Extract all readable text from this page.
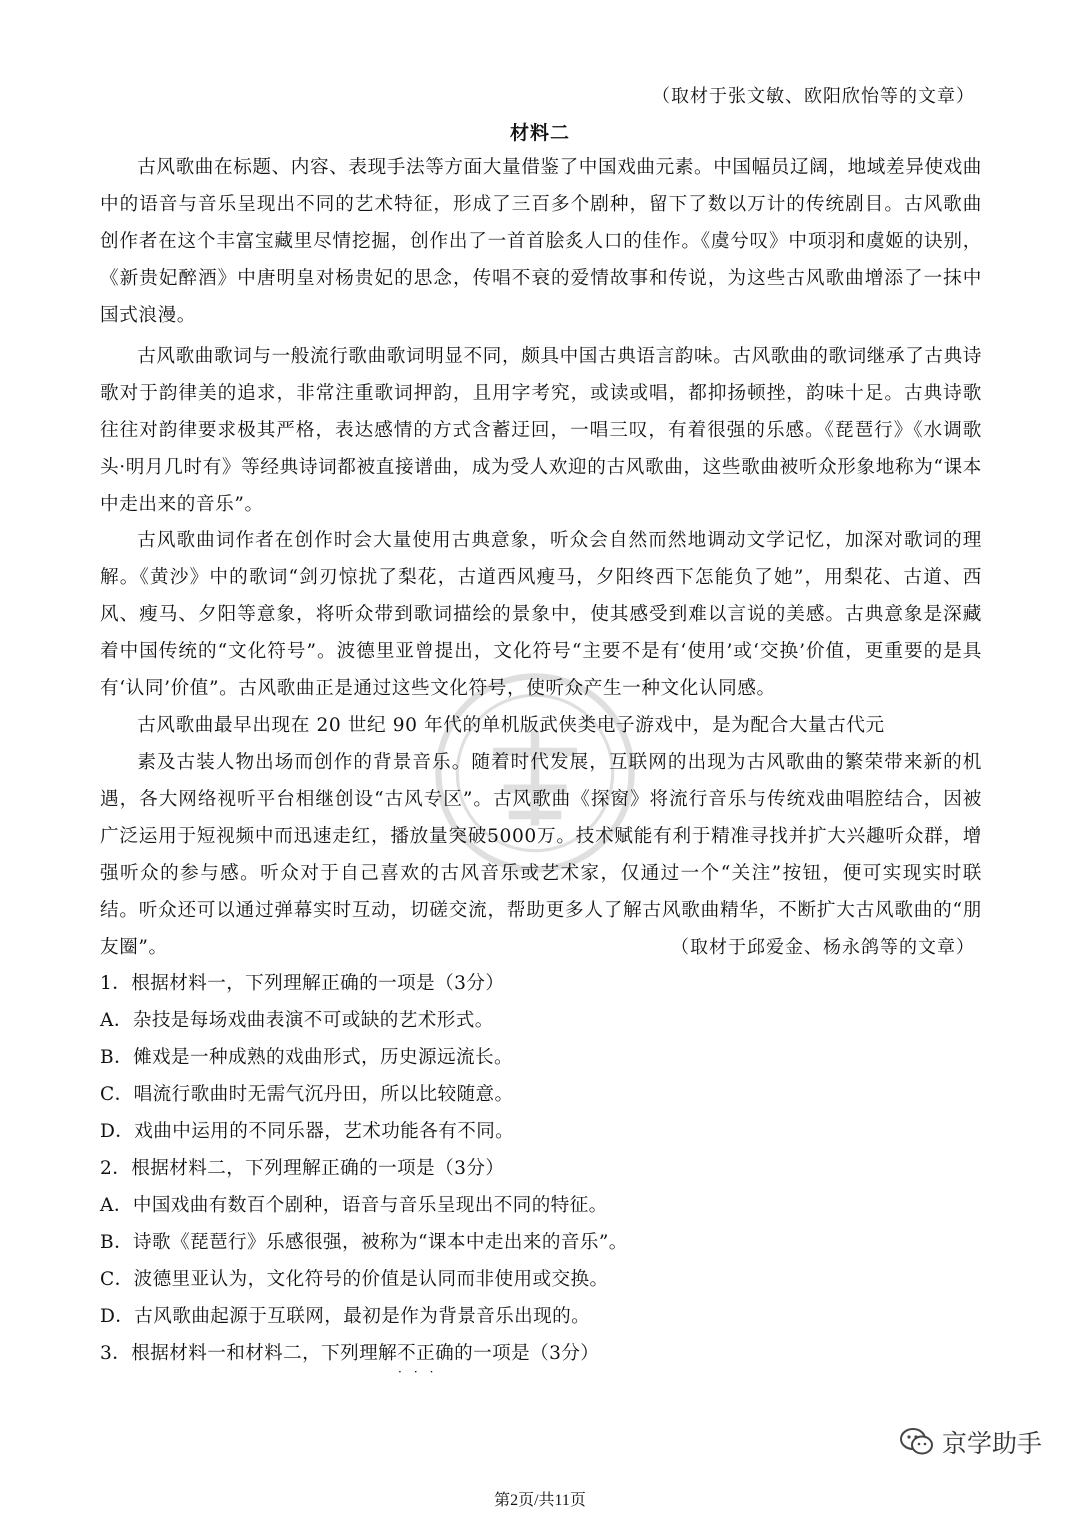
（取材于张文敏、欧阳欣怡等的文章）
材料二

古风歌曲在标题、内容、表现手法等方面大量借鉴了中国戏曲元素。中国幅员辽阔，地域差异使戏曲中的语音与音乐呈现出不同的艺术特征，形成了三百多个剧种，留下了数以万计的传统剧目。古风歌曲创作者在这个丰富宝藏里尽情挖掘，创作出了一首首脍炙人口的佳作。《虞兮叹》中项羽和虞姬的诀别，《新贵妃醉酒》中唐明皇对杨贵妃的思念，传唱不衰的爱情故事和传说，为这些古风歌曲增添了一抹中国式浪漫。

古风歌曲歌词与一般流行歌曲歌词明显不同，颇具中国古典语言韵味。古风歌曲的歌词继承了古典诗歌对于韵律美的追求，非常注重歌词押韵，且用字考究，或读或唱，都抑扬顿挫，韵味十足。古典诗歌往往对韵律要求极其严格，表达感情的方式含蓄迂回，一唱三叹，有着很强的乐感。《琵琶行》《水调歌头·明月几时有》等经典诗词都被直接谱曲，成为受人欢迎的古风歌曲，这些歌曲被听众形象地称为“课本中走出来的音乐”。

古风歌曲词作者在创作时会大量使用古典意象，听众会自然而然地调动文学记忆，加深对歌词的理解。《黄沙》中的歌词“剑刃惊扰了梨花，古道西风瘦马，夕阳终西下怎能负了她”，用梨花、古道、西风、瘦马、夕阳等意象，将听众带到歌词描绘的景象中，使其感受到难以言说的美感。古典意象是深藏着中国传统的“文化符号”。波德里亚曾提出，文化符号“主要不是有‘使用’或‘交换’价值，更重要的是具有‘认同’价值”。古风歌曲正是通过这些文化符号，使听众产生一种文化认同感。

古风歌曲最早出现在 20 世纪 90 年代的单机版武侠类电子游戏中，是为配合大量古代元

素及古装人物出场而创作的背景音乐。随着时代发展，互联网的出现为古风歌曲的繁荣带来新的机遇，各大网络视听平台相继创设“古风专区”。古风歌曲《探窗》将流行音乐与传统戏曲唱腔结合，因被广泛运用于短视频中而迅速走红，播放量突破5000万。技术赋能有利于精准寻找并扩大兴趣听众群，增强听众的参与感。听众对于自己喜欢的古风音乐或艺术家，仅通过一个“关注”按钮，便可实现实时联结。听众还可以通过弹幕实时互动，切磋交流，帮助更多人了解古风歌曲精华，不断扩大古风歌曲的“朋友圈”。	（取材于邱爱金、杨永鸽等的文章）
1．根据材料一，下列理解正确的一项是（3分）
A．杂技是每场戏曲表演不可或缺的艺术形式。
B．傩戏是一种成熟的戏曲形式，历史源远流长。
C．唱流行歌曲时无需气沉丹田，所以比较随意。
D．戏曲中运用的不同乐器，艺术功能各有不同。
2．根据材料二，下列理解正确的一项是（3分）
A．中国戏曲有数百个剧种，语音与音乐呈现出不同的特征。
B．诗歌《琵琶行》乐感很强，被称为“课本中走出来的音乐”。
C．波德里亚认为，文化符号的价值是认同而非使用或交换。
D．古风歌曲起源于互联网，最初是作为背景音乐出现的。
3．根据材料一和材料二，下列理解不正确的一项是（3分）
···
京学助手
第2页/共11页
